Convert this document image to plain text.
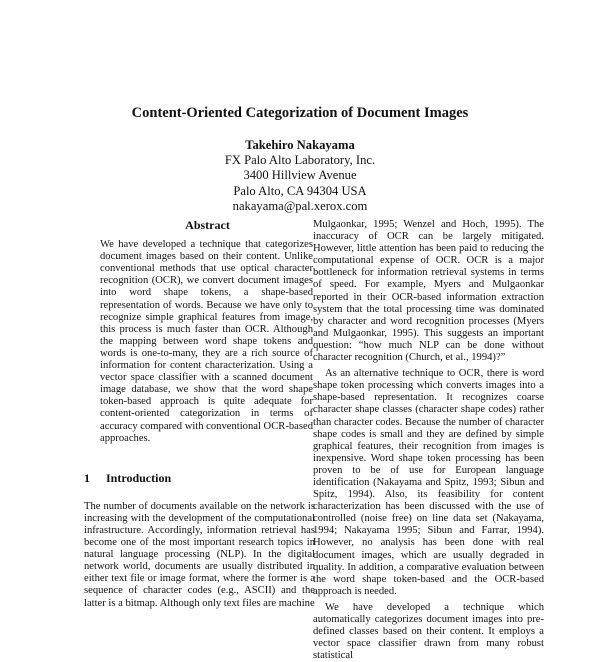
Content-Oriented Categorization of Document Images
Takehiro Nakayama
FX Palo Alto Laboratory, Inc.
3400 Hillview Avenue
Palo Alto, CA 94304 USA
nakayama@pal.xerox.com
Abstract

We have developed a technique that categorizes document images based on their content. Unlike conventional methods that use optical character recognition (OCR), we convert document images into word shape tokens, a shape-based representation of words. Because we have only to recognize simple graphical features from image, this process is much faster than OCR. Although the mapping between word shape tokens and words is one-to-many, they are a rich source of information for content characterization. Using a vector space classifier with a scanned document image database, we show that the word shape token-based approach is quite adequate for content-oriented categorization in terms of accuracy compared with conventional OCR-based approaches.

1 Introduction

The number of documents available on the network is increasing with the development of the computational infrastructure. Accordingly, information retrieval has become one of the most important research topics in natural language processing (NLP). In the digital network world, documents are usually distributed in either text file or image format, where the former is a sequence of character codes (e.g., ASCII) and the latter is a bitmap. Although only text files are machine

Mulgaonkar, 1995; Wenzel and Hoch, 1995). The inaccuracy of OCR can be largely mitigated. However, little attention has been paid to reducing the computational expense of OCR. OCR is a major bottleneck for information retrieval systems in terms of speed. For example, Myers and Mulgaonkar reported in their OCR-based information extraction system that the total processing time was dominated by character and word recognition processes (Myers and Mulgaonkar, 1995). This suggests an important question: “how much NLP can be done without character recognition (Church, et al., 1994)?”

As an alternative technique to OCR, there is word shape token processing which converts images into a shape-based representation. It recognizes coarse character shape classes (character shape codes) rather than character codes. Because the number of character shape codes is small and they are defined by simple graphical features, their recognition from images is inexpensive. Word shape token processing has been proven to be of use for European language identification (Nakayama and Spitz, 1993; Sibun and Spitz, 1994). Also, its feasibility for content characterization has been discussed with the use of controlled (noise free) on line data set (Nakayama, 1994; Nakayama 1995; Sibun and Farrar, 1994). However, no analysis has been done with real document images, which are usually degraded in quality. In addition, a comparative evaluation between the word shape token-based and the OCR-based approach is needed.

We have developed a technique which automatically categorizes document images into pre-defined classes based on their content. It employs a vector space classifier drawn from many robust statistical
